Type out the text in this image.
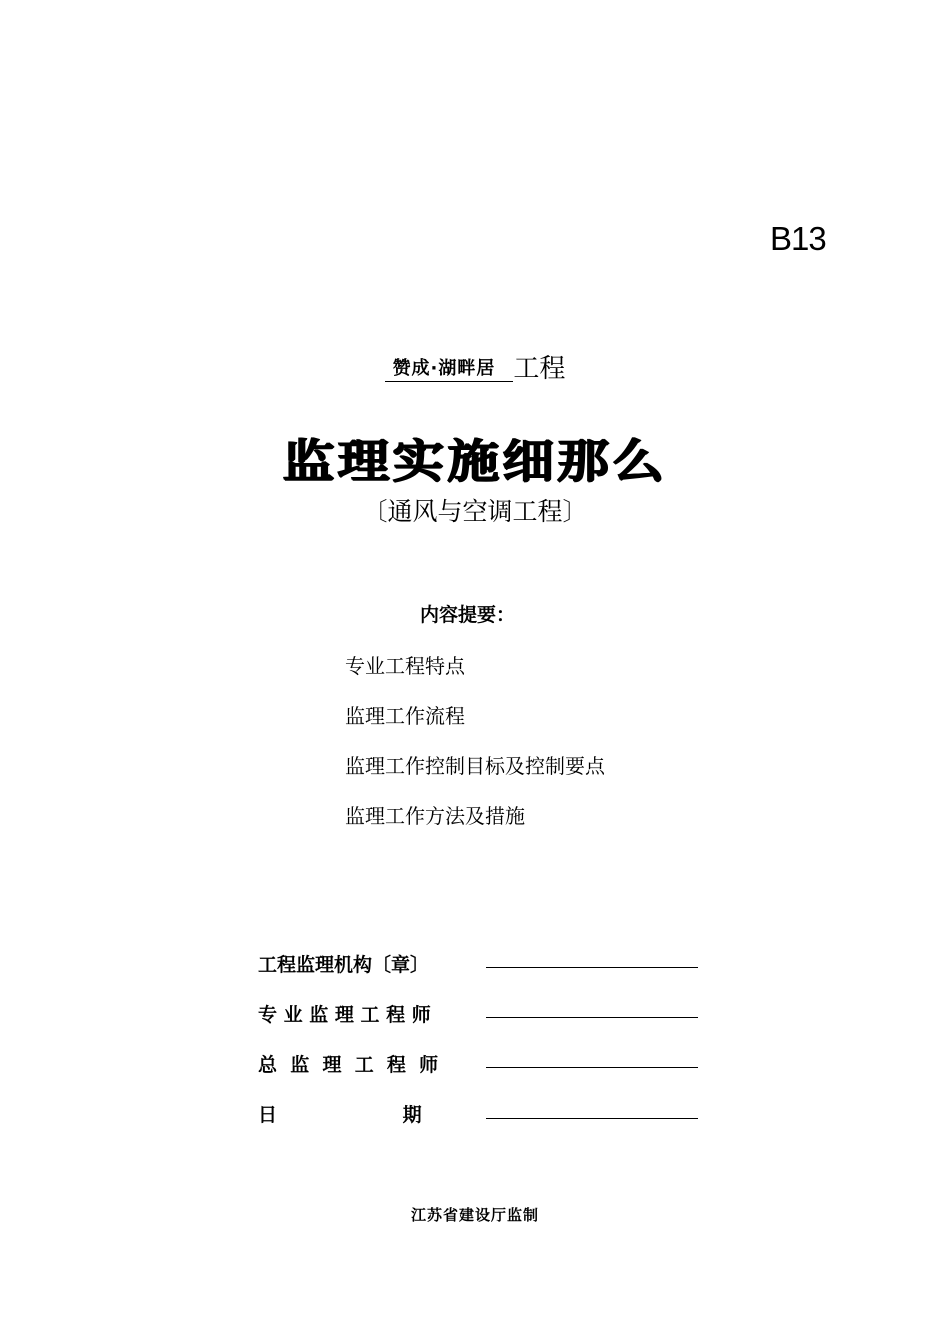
B13
赞成·湖畔居 工程
监理实施细那么
〔通风与空调工程〕
内容提要：
专业工程特点
监理工作流程
监理工作控制目标及控制要点
监理工作方法及措施
工程监理机构〔章〕
专 业 监 理 工 程 师
总  监  理  工  程  师
日                   期
江苏省建设厅监制
